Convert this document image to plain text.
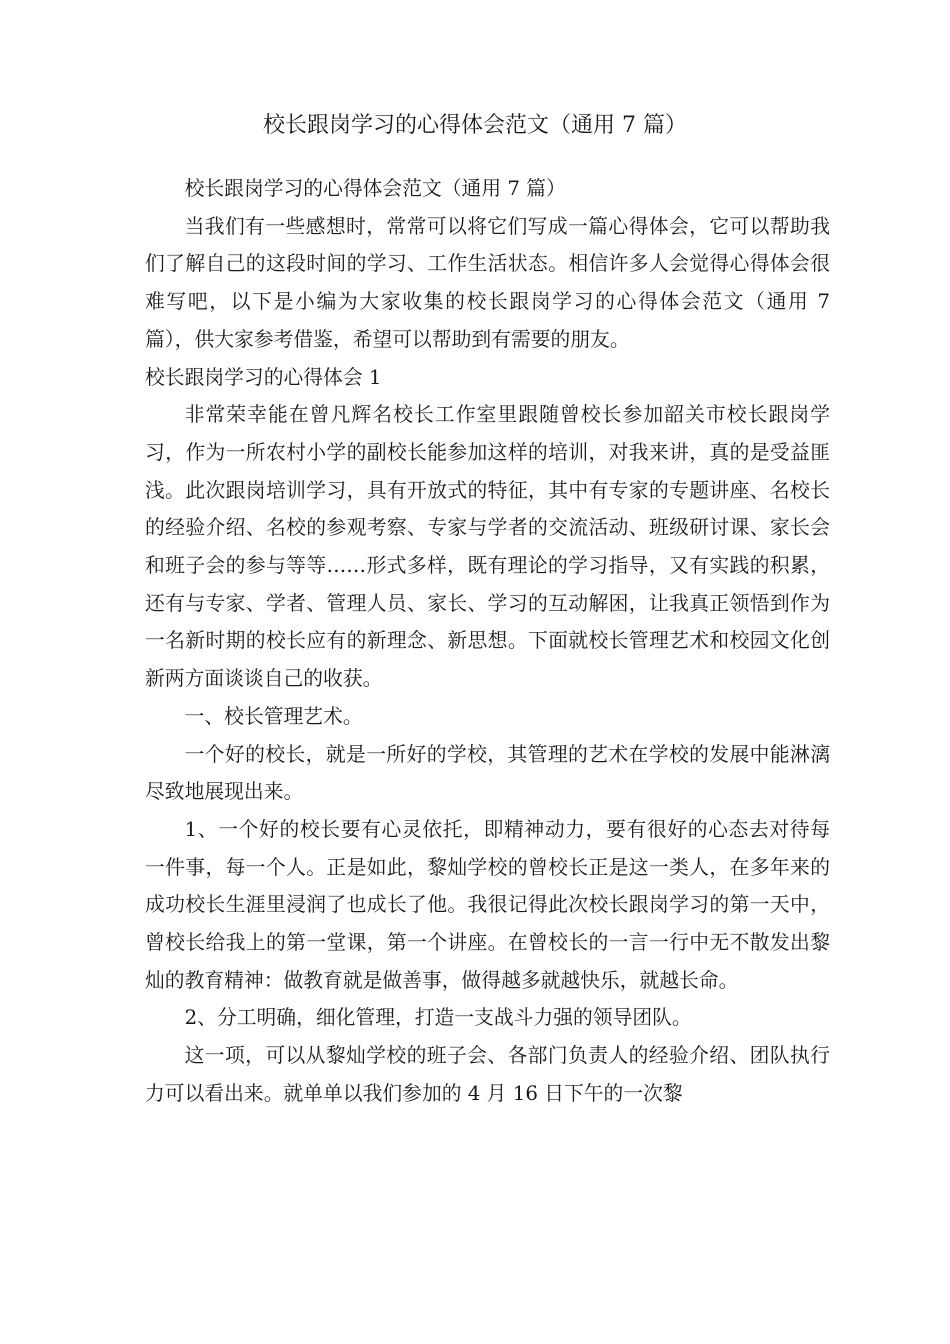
校长跟岗学习的心得体会范文（通用 7 篇）

校长跟岗学习的心得体会范文（通用 7 篇）

当我们有一些感想时，常常可以将它们写成一篇心得体会，它可以帮助我们了解自己的这段时间的学习、工作生活状态。相信许多人会觉得心得体会很难写吧，以下是小编为大家收集的校长跟岗学习的心得体会范文（通用 7 篇），供大家参考借鉴，希望可以帮助到有需要的朋友。

校长跟岗学习的心得体会 1

非常荣幸能在曾凡辉名校长工作室里跟随曾校长参加韶关市校长跟岗学习，作为一所农村小学的副校长能参加这样的培训，对我来讲，真的是受益匪浅。此次跟岗培训学习，具有开放式的特征，其中有专家的专题讲座、名校长的经验介绍、名校的参观考察、专家与学者的交流活动、班级研讨课、家长会和班子会的参与等等……形式多样，既有理论的学习指导，又有实践的积累，还有与专家、学者、管理人员、家长、学习的互动解困，让我真正领悟到作为一名新时期的校长应有的新理念、新思想。下面就校长管理艺术和校园文化创新两方面谈谈自己的收获。

一、校长管理艺术。

一个好的校长，就是一所好的学校，其管理的艺术在学校的发展中能淋漓尽致地展现出来。

1、一个好的校长要有心灵依托，即精神动力，要有很好的心态去对待每一件事，每一个人。正是如此，黎灿学校的曾校长正是这一类人，在多年来的成功校长生涯里浸润了也成长了他。我很记得此次校长跟岗学习的第一天中，曾校长给我上的第一堂课，第一个讲座。在曾校长的一言一行中无不散发出黎灿的教育精神：做教育就是做善事，做得越多就越快乐，就越长命。

2、分工明确，细化管理，打造一支战斗力强的领导团队。

这一项，可以从黎灿学校的班子会、各部门负责人的经验介绍、团队执行力可以看出来。就单单以我们参加的 4 月 16 日下午的一次黎
